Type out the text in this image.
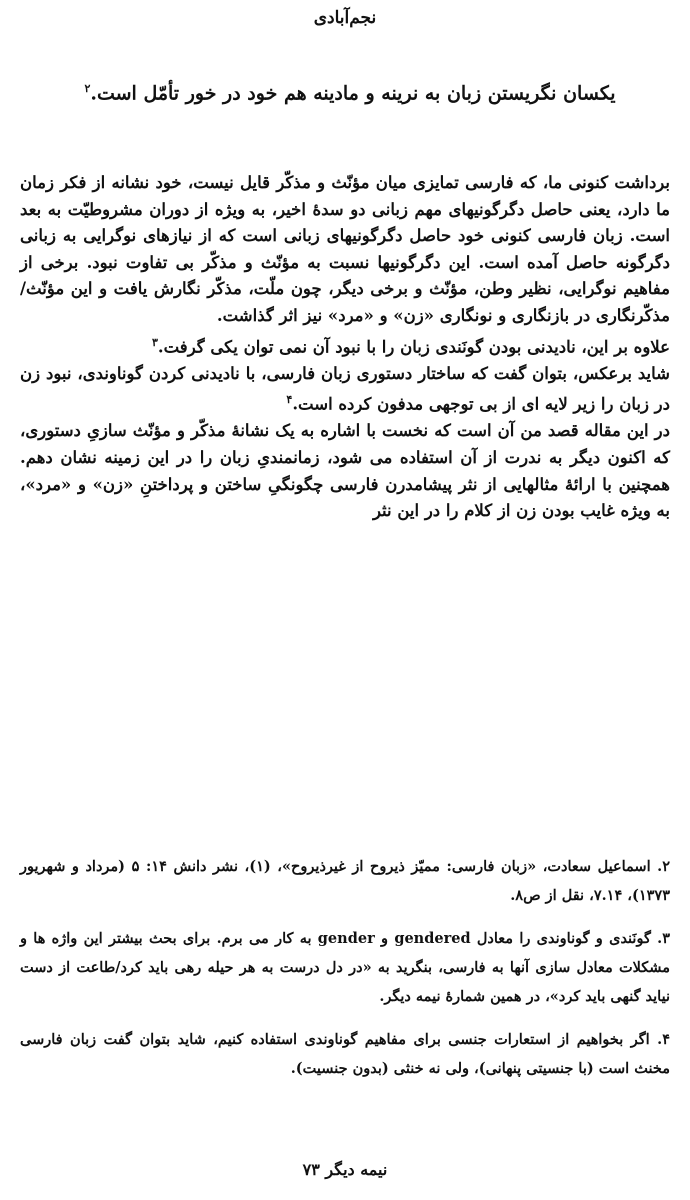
نجم‌آبادی
یکسان نگریستن زبان به نرینه و مادینه هم خود در خور تأمّل است.$^۲$

برداشت کنونی ما، که فارسی تمایزی میان مؤنّث و مذکّر قایل نیست، خود نشانه از فکر زمان ما دارد، یعنی حاصل دگرگونیهای مهم زبانی دو سدهٔ اخیر، به ویژه از دوران مشروطیّت به بعد است. زبان فارسی کنونی خود حاصل دگرگونیهای زبانی است که از نیازهای نوگرایی به زبانی دگرگونه حاصل آمده است. این دگرگونیها نسبت به مؤنّث و مذکّر بی تفاوت نبود. برخی از مفاهیم نوگرایی، نظیر وطن، مؤنّث و برخی دیگر، چون ملّت، مذکّر نگارش یافت و این مؤنّث/مذکّرنگاری در بازنگاری و نونگاری «زن» و «مرد» نیز اثر گذاشت.

علاوه بر این، نادیدنی بودن گونَندی زبان را با نبود آن نمی توان یکی گرفت.$^۳$

شاید برعکس، بتوان گفت که ساختار دستوری زبان فارسی، با نادیدنی کردن گوناوندی، نبود زن در زبان را زیر لایه ای از بی توجهی مدفون کرده است.$^۴$

در این مقاله قصد من آن است که نخست با اشاره به یک نشانهٔ مذکّر و مؤنّث سازیِ دستوری، که اکنون دیگر به ندرت از آن استفاده می شود، زمانمندیِ زبان را در این زمینه نشان دهم. همچنین با ارائهٔ مثالهایی از نثر پیشامدرن فارسی چگونگیِ ساختن و پرداختنِ «زن» و «مرد»، به ویژه غایب بودن زن از کلام را در این نثر

۲. اسماعیل سعادت، «زبان فارسی: ممیّز ذیروح از غیرذیروح»، (۱)، نشر دانش ۱۴: ۵ (مرداد و شهریور ۱۳۷۳)، ۷.۱۴، نقل از ص۸.

۳. گونَندی و گوناوندی را معادل gendered و gender به کار می برم. برای بحث بیشتر این واژه ها و مشکلات معادل سازی آنها به فارسی، بنگرید به «در دل درست به هر حیله رهی باید کرد/طاعت از دست نیاید گنهی باید کرد»، در همین شمارهٔ نیمه دیگر.

۴. اگر بخواهیم از استعارات جنسی برای مفاهیم گوناوندی استفاده کنیم، شاید بتوان گفت زبان فارسی مخنث است (با جنسیتی پنهانی)، ولی نه خنثی (بدون جنسیت).

نیمه دیگر ۷۳
